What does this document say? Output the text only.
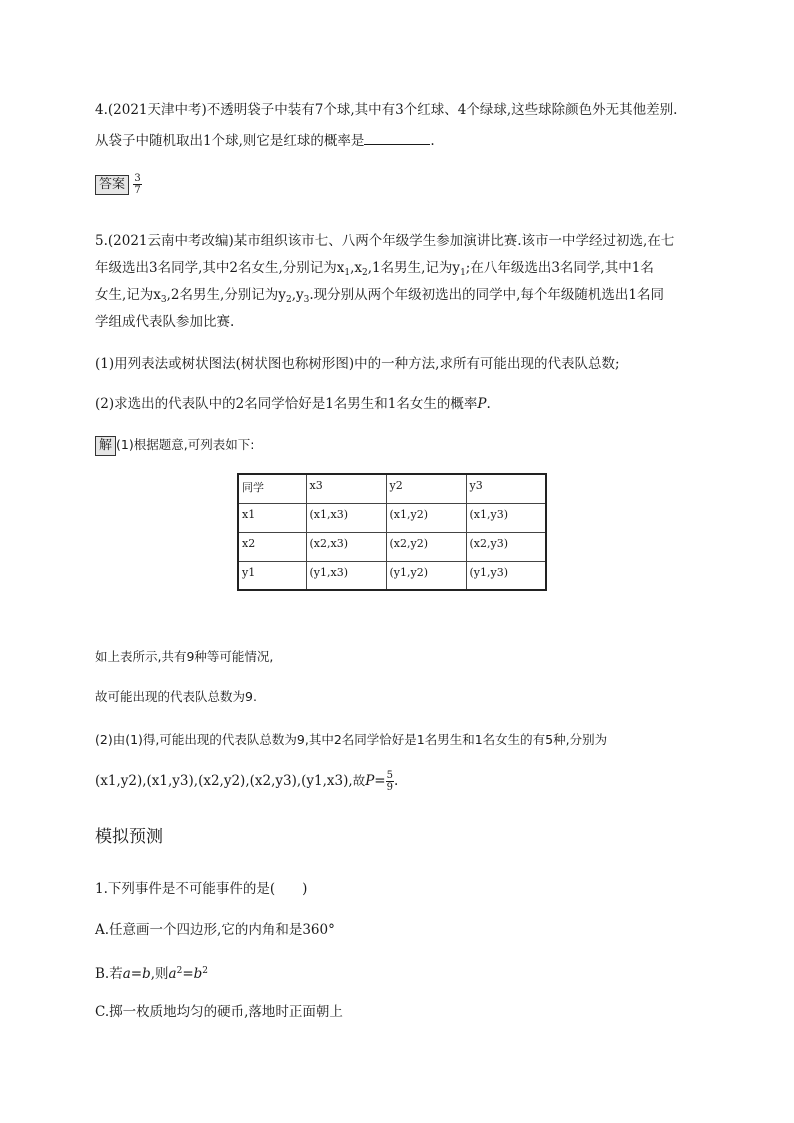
4.(2021天津中考)不透明袋子中装有7个球,其中有3个红球、4个绿球,这些球除颜色外无其他差别.
从袋子中随机取出1个球,则它是红球的概率是	.
答案 $\frac{3}{7}$
5.(2021云南中考改编)某市组织该市七、八两个年级学生参加演讲比赛.该市一中学经过初选,在七
年级选出3名同学,其中2名女生,分别记为$x_1,x_2,1$名男生,记为$y_1$;在八年级选出3名同学,其中1名
女生,记为$x_3,2$名男生,分别记为$y_2,y_3$.现分别从两个年级初选出的同学中,每个年级随机选出1名同
学组成代表队参加比赛.
(1)用列表法或树状图法(树状图也称树形图)中的一种方法,求所有可能出现的代表队总数;
(2)求选出的代表队中的2名同学恰好是1名男生和1名女生的概率P.
解 (1)根据题意,可列表如下:
同学	x3	y2	y3
x1	(x1,x3)	(x1,y2)	(x1,y3)
x2	(x2,x3)	(x2,y2)	(x2,y3)
y1	(y1,x3)	(y1,y2)	(y1,y3)
如上表所示,共有9种等可能情况,
故可能出现的代表队总数为9.
(2)由(1)得,可能出现的代表队总数为9,其中2名同学恰好是1名男生和1名女生的有5种,分别为
(x1,y2),(x1,y3),(x2,y2),(x2,y3),(y1,x3),故$P= \frac{5}{9}$ .
模拟预测
1.下列事件是不可能事件的是(　　)
A.任意画一个四边形,它的内角和是360°
B.若a=b,则$a^2=b^2$
C.掷一枚质地均匀的硬币,落地时正面朝上
